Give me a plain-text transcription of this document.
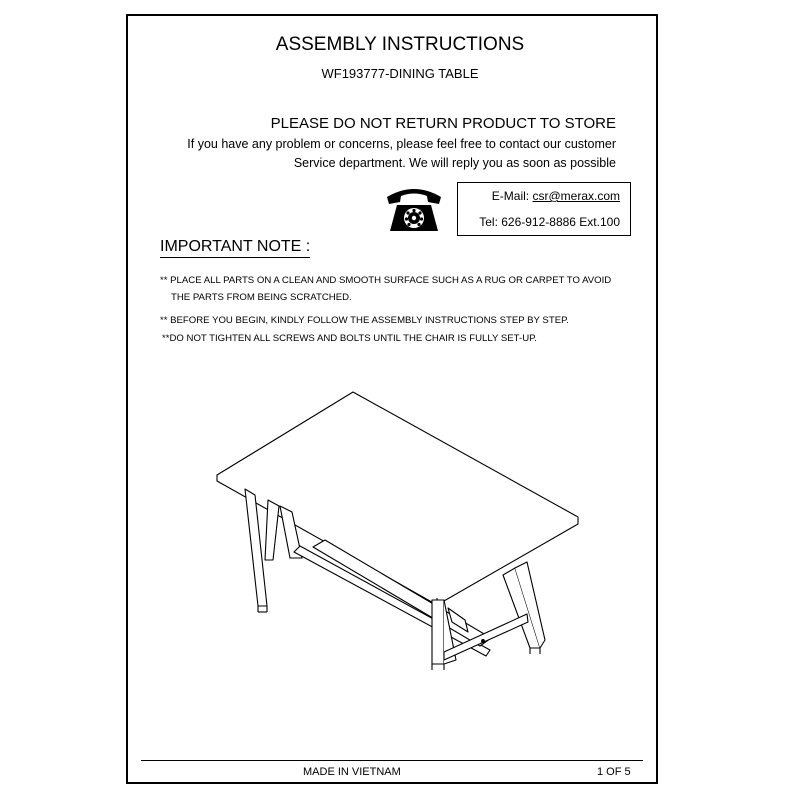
ASSEMBLY INSTRUCTIONS
WF193777-DINING TABLE
PLEASE DO NOT RETURN PRODUCT TO STORE
If you have any problem or concerns, please feel free to contact our customer
Service department. We will reply you as soon as possible
E-Mail: csr@merax.com
Tel: 626-912-8886 Ext.100
IMPORTANT NOTE :
** PLACE ALL PARTS ON A CLEAN AND SMOOTH SURFACE SUCH AS A RUG OR CARPET TO AVOID
THE PARTS FROM BEING SCRATCHED.
** BEFORE YOU BEGIN, KINDLY FOLLOW THE ASSEMBLY INSTRUCTIONS STEP BY STEP.
**DO NOT TIGHTEN ALL SCREWS AND BOLTS UNTIL THE CHAIR IS FULLY SET-UP.
MADE IN VIETNAM	1 OF 5
